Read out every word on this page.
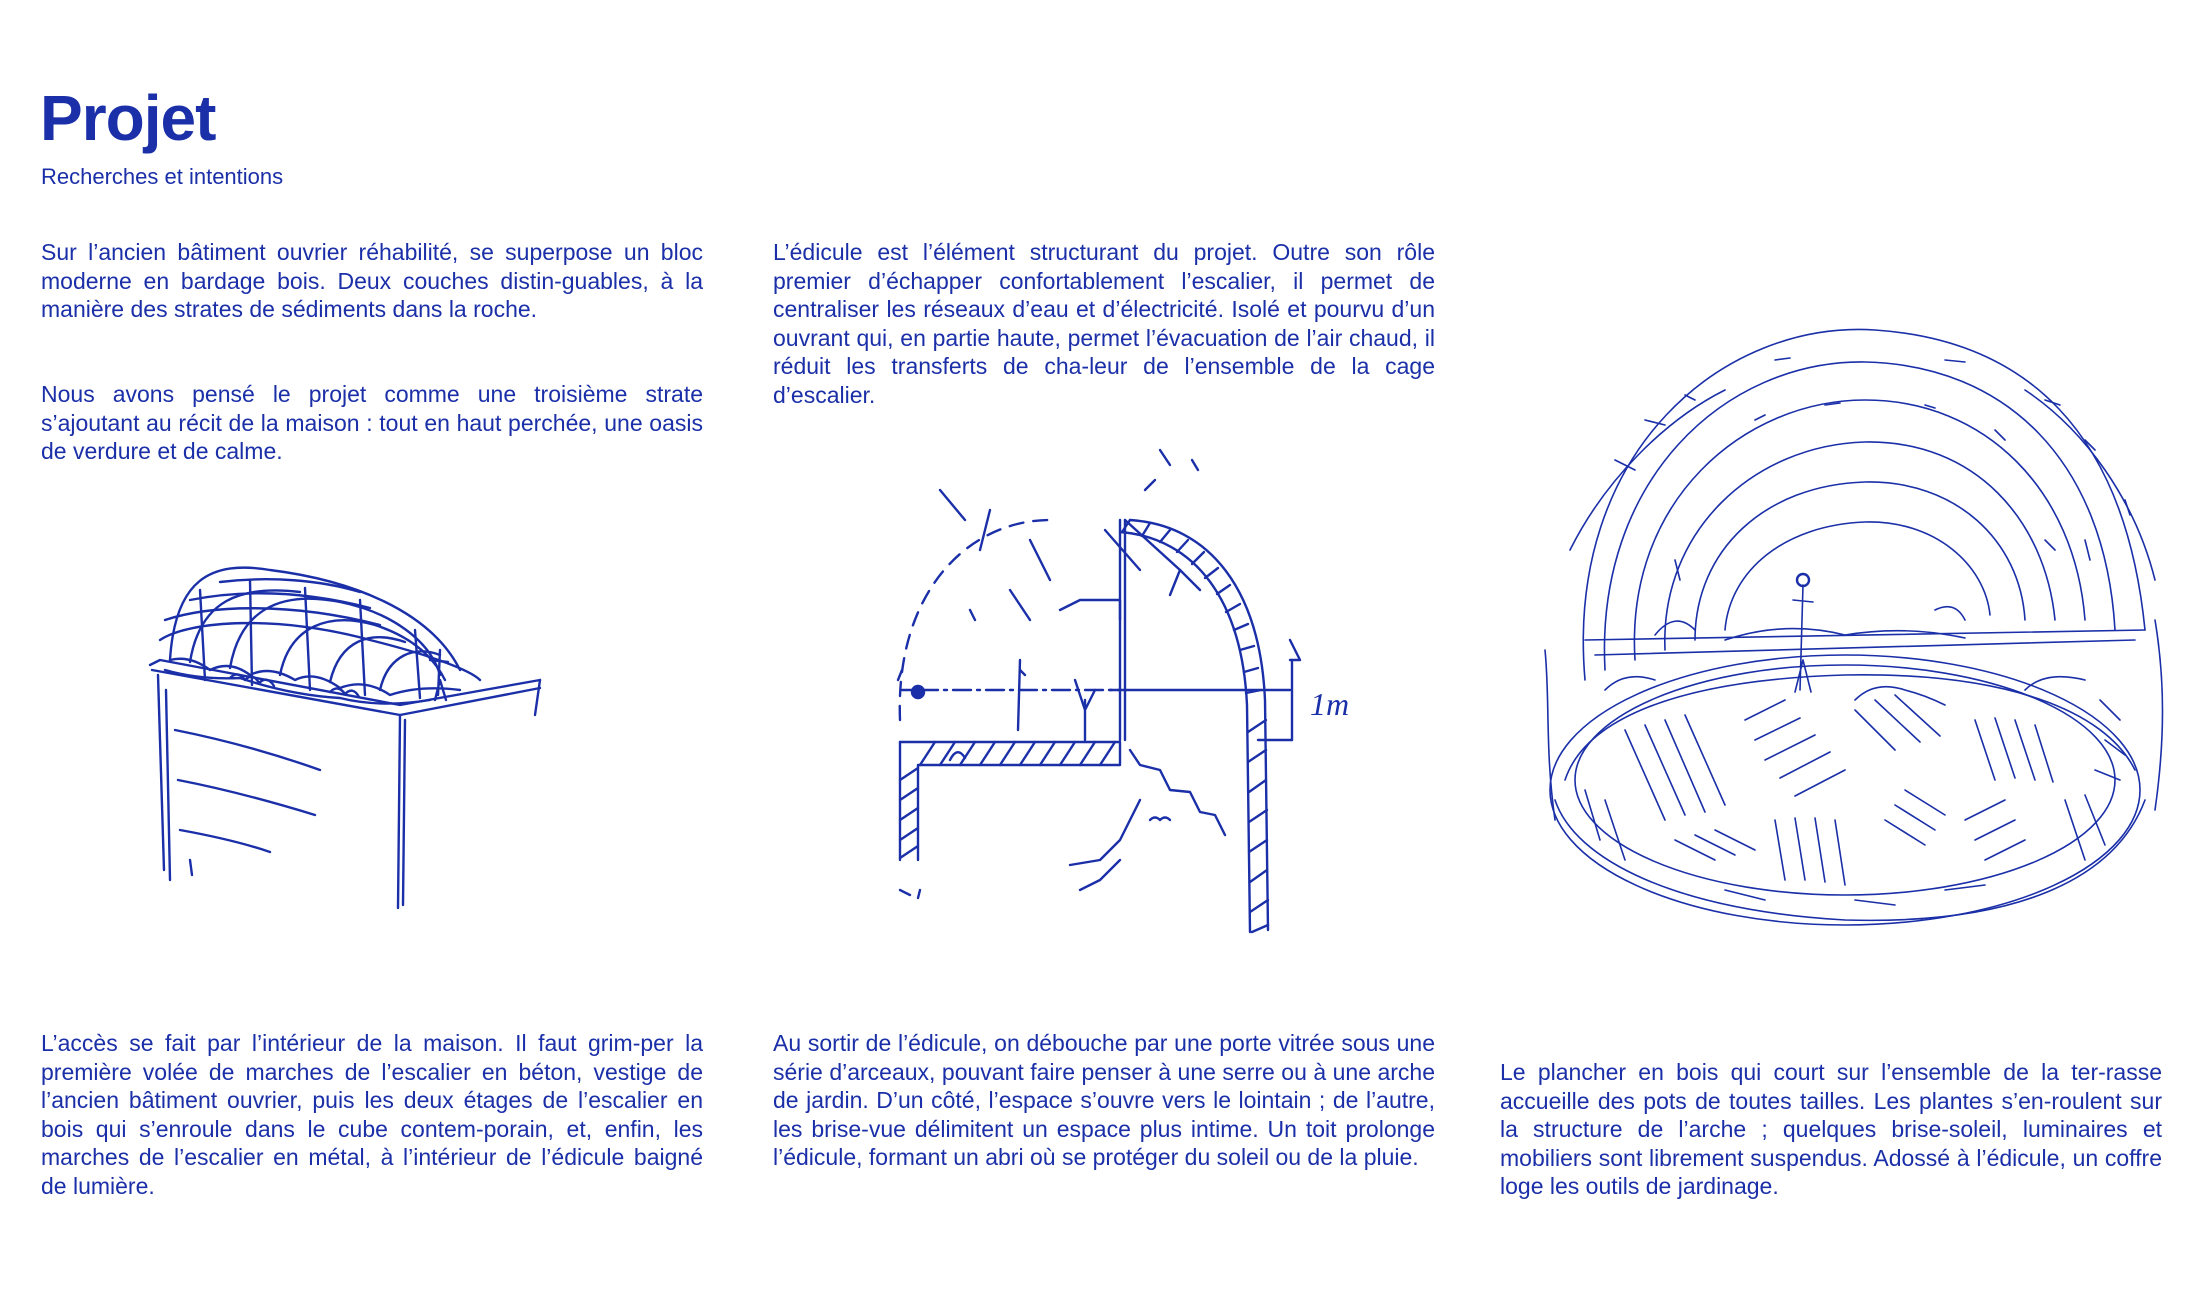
Projet
Recherches et intentions

Sur l’ancien bâtiment ouvrier réhabilité, se superpose un bloc moderne en bardage bois. Deux couches distin-guables, à la manière des strates de sédiments dans la roche.

Nous avons pensé le projet comme une troisième strate s’ajoutant au récit de la maison : tout en haut perchée, une oasis de verdure et de calme.

L’accès se fait par l’intérieur de la maison. Il faut grim-per la première volée de marches de l’escalier en béton, vestige de l’ancien bâtiment ouvrier, puis les deux étages de l’escalier en bois qui s’enroule dans le cube contem-porain, et, enfin, les marches de l’escalier en métal, à l’intérieur de l’édicule baigné de lumière.

L’édicule est l’élément structurant du projet. Outre son rôle premier d’échapper confortablement l’escalier, il permet de centraliser les réseaux d’eau et d’électricité. Isolé et pourvu d’un ouvrant qui, en partie haute, permet l’évacuation de l’air chaud, il réduit les transferts de cha-leur de l’ensemble de la cage d’escalier.

Au sortir de l’édicule, on débouche par une porte vitrée sous une série d’arceaux, pouvant faire penser à une serre ou à une arche de jardin. D’un côté, l’espace s’ouvre vers le lointain ; de l’autre, les brise-vue délimitent un espace plus intime. Un toit prolonge l’édicule, formant un abri où se protéger du soleil ou de la pluie.

Le plancher en bois qui court sur l’ensemble de la ter-rasse accueille des pots de toutes tailles. Les plantes s’en-roulent sur la structure de l’arche ; quelques brise-soleil, luminaires et mobiliers sont librement suspendus. Adossé à l’édicule, un coffre loge les outils de jardinage.

1m
